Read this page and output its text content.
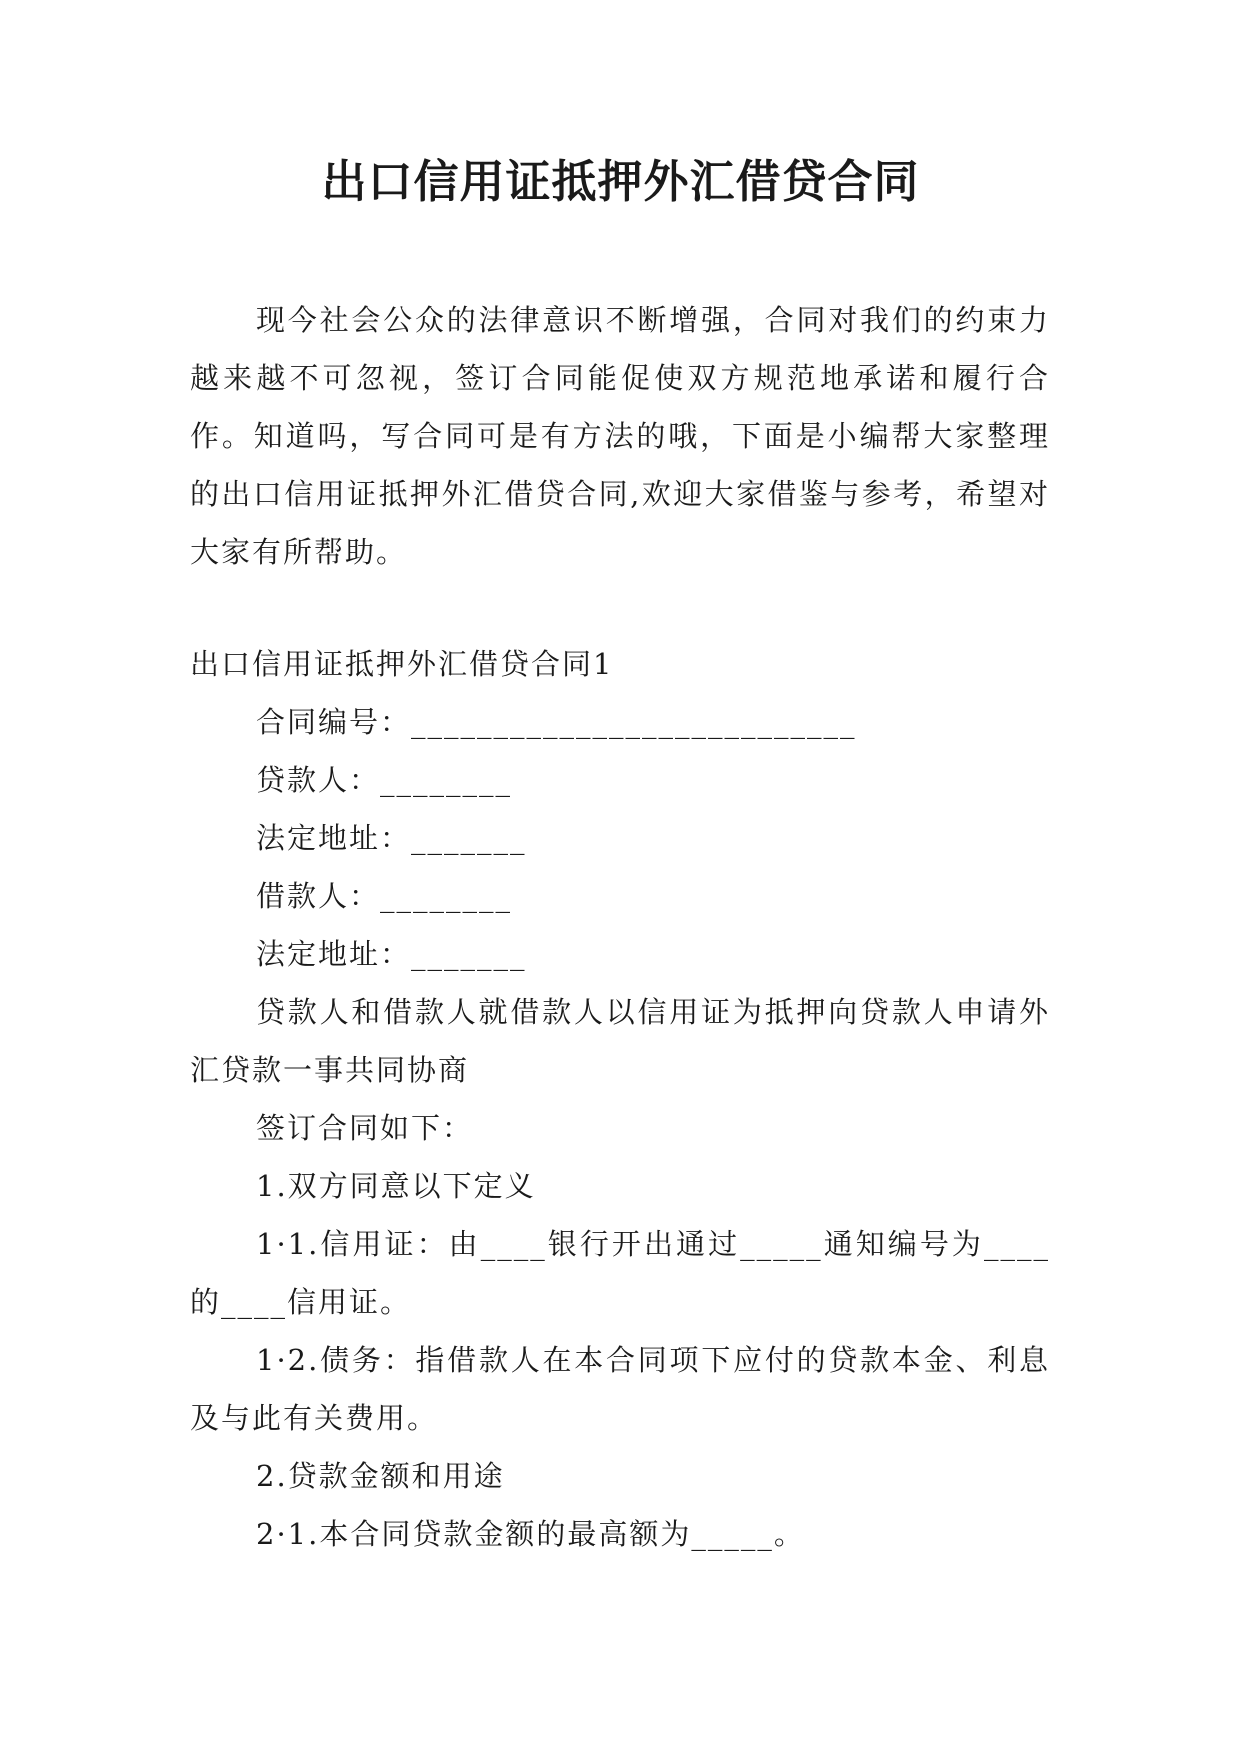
出口信用证抵押外汇借贷合同

现今社会公众的法律意识不断增强，合同对我们的约束力越来越不可忽视，签订合同能促使双方规范地承诺和履行合作。知道吗，写合同可是有方法的哦，下面是小编帮大家整理的出口信用证抵押外汇借贷合同,欢迎大家借鉴与参考，希望对大家有所帮助。

出口信用证抵押外汇借贷合同1
合同编号：___________________________
贷款人：________
法定地址：_______
借款人：________
法定地址：_______
贷款人和借款人就借款人以信用证为抵押向贷款人申请外汇贷款一事共同协商
签订合同如下：
1.双方同意以下定义
1·1.信用证：由____银行开出通过_____通知编号为____的____信用证。
1·2.债务：指借款人在本合同项下应付的贷款本金、利息及与此有关费用。
2.贷款金额和用途
2·1.本合同贷款金额的最高额为_____。
